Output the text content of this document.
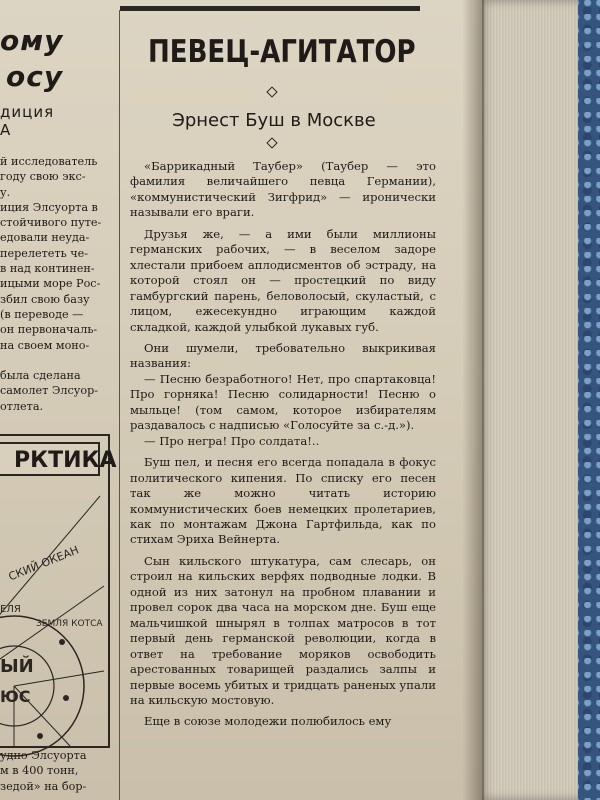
ому
осу
диция
А
й исследователь
году свою экс-
у.
иция Элсуорта в
стойчивого путе-
едовали неуда-
перелететь че-
в над континен-
ицыми море Рос-
збил свою базу
(в переводе —
он первоначаль-
на своем моно-
была сделана
самолет Элсуор-
отлета.
СКИЙ ОКЕАН
ЕЛЯ
ЗЕМЛЯ КОТСА
ЫЙ
ЮС
РКТИКА
удно Элсуорта
м в 400 тонн,
зедой» на бор-
ПЕВЕЦ-АГИТАТОР
Эрнест Буш в Москве

«Баррикадный Таубер» (Таубер — это фамилия величайшего певца Германии), «коммунистический Зигфрид» — иронически называли его враги.

Друзья же, — а ими были миллионы германских рабочих, — в веселом задоре хлестали прибоем аплодисментов об эстраду, на которой стоял он — простецкий по виду гамбургский парень, беловолосый, скуластый, с лицом, ежесекундно играющим каждой складкой, каждой улыбкой лукавых губ.

Они шумели, требовательно выкрикивая названия:

— Песню безработного! Нет, про спартаковца! Про горняка! Песню солидарности! Песню о мыльце! (том самом, которое избирателям раздавалось с надписью «Голосуйте за с.-д.»).

— Про негра! Про солдата!..

Буш пел, и песня его всегда попадала в фокус политического кипения. По списку его песен так же можно читать историю коммунистических боев немецких пролетариев, как по монтажам Джона Гартфильда, как по стихам Эриха Вейнерта.

Сын кильского штукатура, сам слесарь, он строил на кильских верфях подводные лодки. В одной из них затонул на пробном плавании и провел сорок два часа на морском дне. Буш еще мальчишкой шнырял в толпах матросов в тот первый день германской революции, когда в ответ на требование моряков освободить арестованных товарищей раздались залпы и первые восемь убитых и тридцать раненых упали на кильскую мостовую.

Еще в союзе молодежи полюбилось ему
